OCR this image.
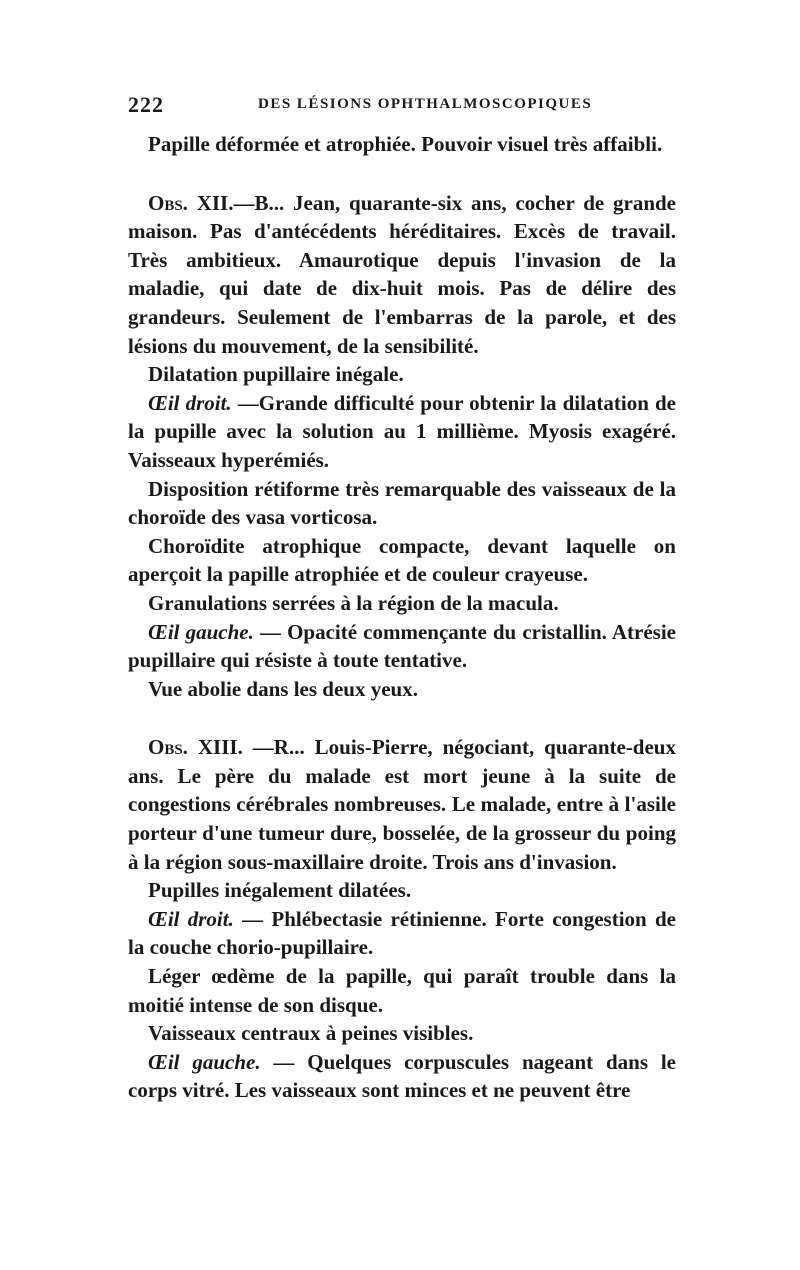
222	DES LÉSIONS OPHTHALMOSCOPIQUES

Papille déformée et atrophiée. Pouvoir visuel très affaibli.

Obs. XII.—B... Jean, quarante-six ans, cocher de grande maison. Pas d'antécédents héréditaires. Excès de travail. Très ambitieux. Amaurotique depuis l'invasion de la maladie, qui date de dix-huit mois. Pas de délire des grandeurs. Seulement de l'embarras de la parole, et des lésions du mouvement, de la sensibilité.

Dilatation pupillaire inégale.

Œil droit. —Grande difficulté pour obtenir la dilatation de la pupille avec la solution au 1 millième. Myosis exagéré. Vaisseaux hyperémiés.

Disposition rétiforme très remarquable des vaisseaux de la choroïde des vasa vorticosa.

Choroïdite atrophique compacte, devant laquelle on aperçoit la papille atrophiée et de couleur crayeuse.

Granulations serrées à la région de la macula.

Œil gauche. — Opacité commençante du cristallin. Atrésie pupillaire qui résiste à toute tentative.

Vue abolie dans les deux yeux.

Obs. XIII. —R... Louis-Pierre, négociant, quarante-deux ans. Le père du malade est mort jeune à la suite de congestions cérébrales nombreuses. Le malade, entre à l'asile porteur d'une tumeur dure, bosselée, de la grosseur du poing à la région sous-maxillaire droite. Trois ans d'invasion.

Pupilles inégalement dilatées.

Œil droit. — Phlébectasie rétinienne. Forte congestion de la couche chorio-pupillaire.

Léger œdème de la papille, qui paraît trouble dans la moitié intense de son disque.

Vaisseaux centraux à peines visibles.

Œil gauche. — Quelques corpuscules nageant dans le corps vitré. Les vaisseaux sont minces et ne peuvent être
